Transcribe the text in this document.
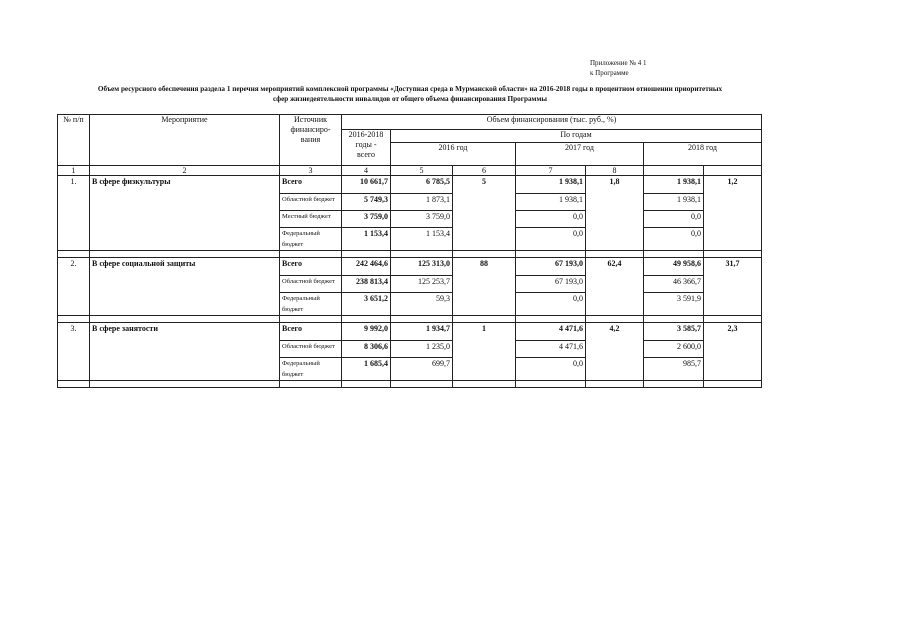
Приложение № 4 1
к Программе
Объем ресурсного обеспечения раздела 1 перечня мероприятий комплексной программы «Доступная среда в Мурманской области» на 2016-2018 годы в процентном отношении приоритетных
сфер жизнедеятельности инвалидов от общего объема финансирования Программы
№ п/п	Мероприятие	Источник финансиро-вания	Объем финансирования (тыс. руб., %)						
			2016-2018 годы - всего	По годам					
				2016 год		2017 год		2018 год	
1	2	3	4	5	6	7	8		
1.	В сфере физкультуры	Всего	10 661,7	6 785,5	5	1 938,1	1,8	1 938,1	1,2
		Областной бюджет	5 749,3	1 873,1		1 938,1		1 938,1	
		Местный бюджет	3 759,0	3 759,0		0,0		0,0	
		Федеральный бюджет	1 153,4	1 153,4		0,0		0,0	

2.	В сфере социальной защиты	Всего	242 464,6	125 313,0	88	67 193,0	62,4	49 958,6	31,7
		Областной бюджет	238 813,4	125 253,7		67 193,0		46 366,7	
		Федеральный бюджет	3 651,2	59,3		0,0		3 591,9	

3.	В сфере занятости	Всего	9 992,0	1 934,7	1	4 471,6	4,2	3 585,7	2,3
		Областной бюджет	8 306,6	1 235,0		4 471,6		2 600,0	
		Федеральный бюджет	1 685,4	699,7		0,0		985,7	
